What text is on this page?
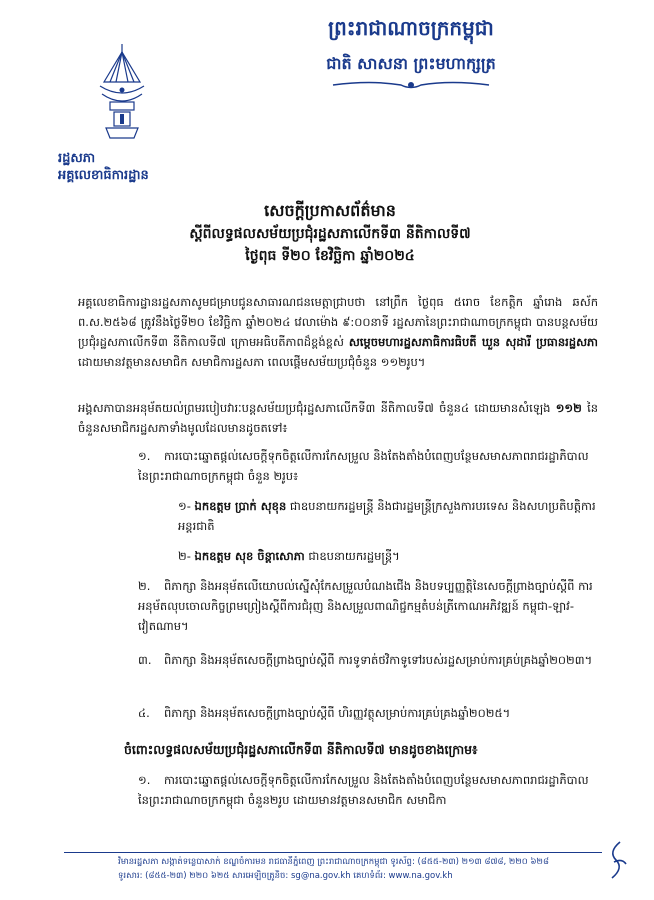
ព្រះរាជាណាចក្រកម្ពុជា
ជាតិ សាសនា ព្រះមហាក្សត្រ
រដ្ឋសភា
អគ្គលេខាធិការដ្ឋាន
សេចក្តីប្រកាសព័ត៌មាន
ស្តីពីលទ្ធផលសម័យប្រជុំរដ្ឋសភាលើកទី៣ នីតិកាលទី៧
ថ្ងៃពុធ ទី២០ ខែវិច្ឆិកា ឆ្នាំ២០២៤
អគ្គលេខាធិការដ្ឋានរដ្ឋសភាសូមជម្រាបជូនសាធារណជនមេត្តាជ្រាបថា នៅព្រឹក ថ្ងៃពុធ ៥រោច ខែកត្តិក ឆ្នាំរោង ឆស័ក ព.ស.២៥៦៨ ត្រូវនឹងថ្ងៃទី២០ ខែវិច្ឆិកា ឆ្នាំ២០២៤ វេលាម៉ោង ៩:០០នាទី រដ្ឋសភានៃព្រះរាជាណាចក្រកម្ពុជា បានបន្តសម័យប្រជុំរដ្ឋសភាលើកទី៣ នីតិកាលទី៧ ក្រោមអធិបតីភាពដ៏ខ្ពង់ខ្ពស់ សម្តេចមហារដ្ឋសភាធិការធិបតី ឃួន សុដារី ប្រធានរដ្ឋសភា ដោយមានវត្តមានសមាជិក សមាជិការដ្ឋសភា ពេលផ្តើមសម័យប្រជុំចំនួន ១១២រូប។
អង្គសភាបានអនុម័តយល់ព្រមរបៀបវារៈបន្តសម័យប្រជុំរដ្ឋសភាលើកទី៣ នីតិកាលទី៧ ចំនួន៤ ដោយមានសំឡេង ១១២ នៃចំនួនសមាជិករដ្ឋសភាទាំងមូលដែលមានដូចតទៅ៖
១. ការបោះឆ្នោតផ្តល់សេចក្តីទុកចិត្តលើការកែសម្រួល និងតែងតាំងបំពេញបន្ថែមសមាសភាពរាជរដ្ឋាភិបាល នៃព្រះរាជាណាចក្រកម្ពុជា ចំនួន ២រូប៖
១- ឯកឧត្តម ប្រាក់ សុខុន ជាឧបនាយករដ្ឋមន្ត្រី និងជារដ្ឋមន្ត្រីក្រសួងការបរទេស និងសហប្រតិបត្តិការអន្តរជាតិ
២- ឯកឧត្តម សុខ ចិន្តាសោភា ជាឧបនាយករដ្ឋមន្ត្រី។
២. ពិភាក្សា និងអនុម័តលើយោបល់ស្នើសុំកែសម្រួលបំណងជើង និងបទប្បញ្ញត្តិនៃសេចក្តីព្រាងច្បាប់ស្តីពី ការអនុម័តលុបចោលកិច្ចព្រមព្រៀងស្តីពីការជំរុញ និងសម្រួលពាណិជ្ជកម្មតំបន់ត្រីកោណអភិវឌ្ឍន៍ កម្ពុជា-ឡាវ-វៀតណាម។
៣. ពិភាក្សា និងអនុម័តសេចក្តីព្រាងច្បាប់ស្តីពី ការទូទាត់ថវិកាទូទៅរបស់រដ្ឋសម្រាប់ការគ្រប់គ្រងឆ្នាំ២០២៣។
៤. ពិភាក្សា និងអនុម័តសេចក្តីព្រាងច្បាប់ស្តីពី ហិរញ្ញវត្ថុសម្រាប់ការគ្រប់គ្រងឆ្នាំ២០២៥។
ចំពោះលទ្ធផលសម័យប្រជុំរដ្ឋសភាលើកទី៣ នីតិកាលទី៧ មានដូចខាងក្រោម៖
១. ការបោះឆ្នោតផ្តល់សេចក្តីទុកចិត្តលើការកែសម្រួល និងតែងតាំងបំពេញបន្ថែមសមាសភាពរាជរដ្ឋាភិបាលនៃព្រះរាជាណាចក្រកម្ពុជា ចំនួន២រូប ដោយមានវត្តមានសមាជិក សមាជិកា
វិមានរដ្ឋសភា សង្កាត់ទន្លេបាសាក់ ខណ្ឌចំការមន រាជធានីភ្នំពេញ ព្រះរាជាណាចក្រកម្ពុជា ទូរស័ព្ទ: (៨៥៥-២៣) ២១៣ ៨៧៨, ២២០ ៦២៨
ទូរសារ: (៨៥៥-២៣) ២២០ ៦២៥ សារអេឡិចត្រូនិច: sg@na.gov.kh គេហទំព័រ: www.na.gov.kh
